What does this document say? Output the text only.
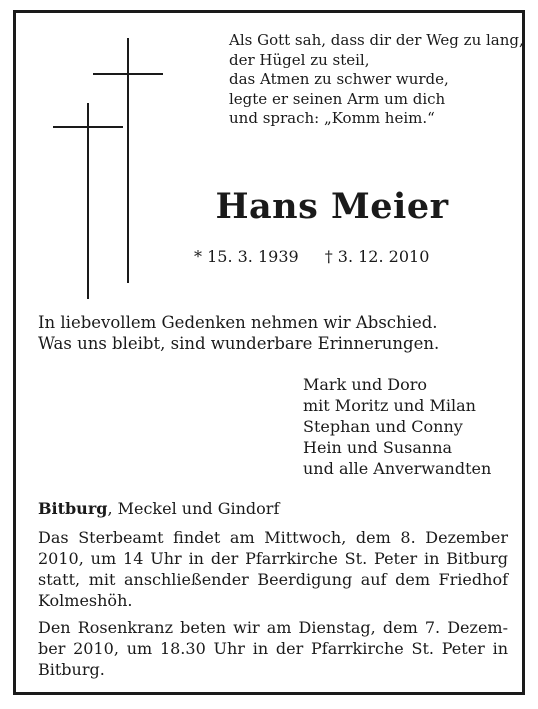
Als Gott sah, dass dir der Weg zu lang,
der Hügel zu steil,
das Atmen zu schwer wurde,
legte er seinen Arm um dich
und sprach: „Komm heim.“
Hans Meier
* 15. 3. 1939 † 3. 12. 2010
In liebevollem Gedenken nehmen wir Abschied.
Was uns bleibt, sind wunderbare Erinnerungen.
Mark und Doro
mit Moritz und Milan
Stephan und Conny
Hein und Susanna
und alle Anverwandten
Bitburg, Meckel und Gindorf
Das Sterbeamt findet am Mittwoch, dem 8. Dezember
2010, um 14 Uhr in der Pfarrkirche St. Peter in Bitburg
statt, mit anschließender Beerdigung auf dem Friedhof
Kolmeshöh.
Den Rosenkranz beten wir am Dienstag, dem 7. Dezem-
ber 2010, um 18.30 Uhr in der Pfarrkirche St. Peter in
Bitburg.
